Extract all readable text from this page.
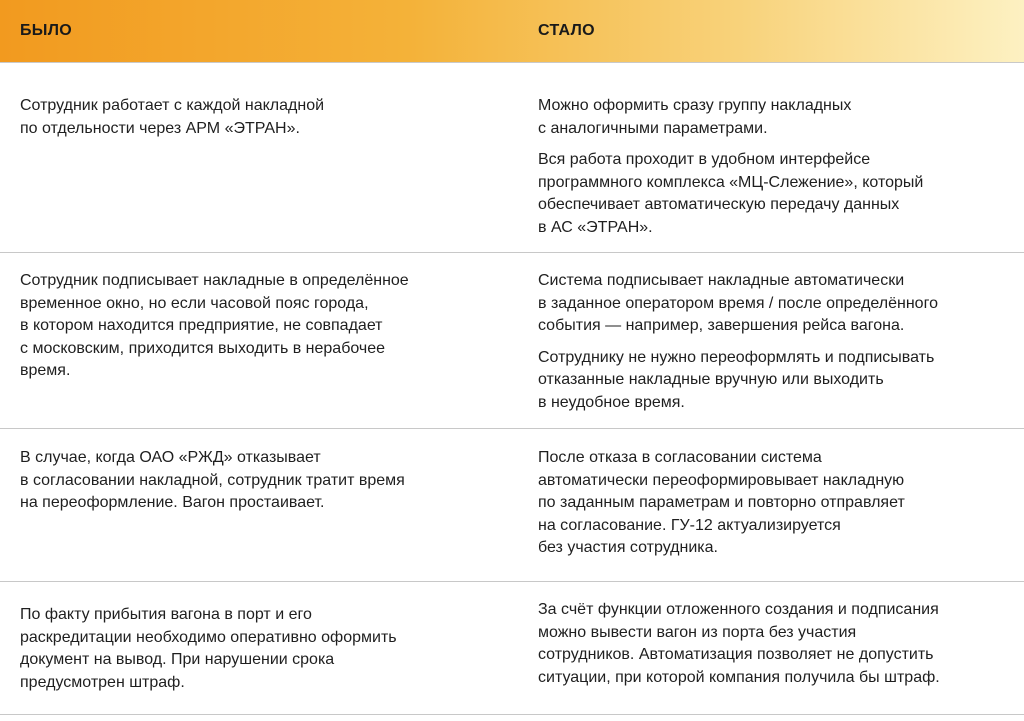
БЫЛО	СТАЛО

Сотрудник работает с каждой накладной
по отдельности через АРМ «ЭТРАН».

Можно оформить сразу группу накладных
с аналогичными параметрами.

Вся работа проходит в удобном интерфейсе
программного комплекса «МЦ-Слежение», который
обеспечивает автоматическую передачу данных
в АС «ЭТРАН».

Сотрудник подписывает накладные в определённое
временное окно, но если часовой пояс города,
в котором находится предприятие, не совпадает
с московским, приходится выходить в нерабочее
время.

Система подписывает накладные автоматически
в заданное оператором время / после определённого
события — например, завершения рейса вагона.

Сотруднику не нужно переоформлять и подписывать
отказанные накладные вручную или выходить
в неудобное время.

В случае, когда ОАО «РЖД» отказывает
в согласовании накладной, сотрудник тратит время
на переоформление. Вагон простаивает.

После отказа в согласовании система
автоматически переоформировывает накладную
по заданным параметрам и повторно отправляет
на согласование. ГУ-12 актуализируется
без участия сотрудника.

По факту прибытия вагона в порт и его
раскредитации необходимо оперативно оформить
документ на вывод. При нарушении срока
предусмотрен штраф.

За счёт функции отложенного создания и подписания
можно вывести вагон из порта без участия
сотрудников. Автоматизация позволяет не допустить
ситуации, при которой компания получила бы штраф.
